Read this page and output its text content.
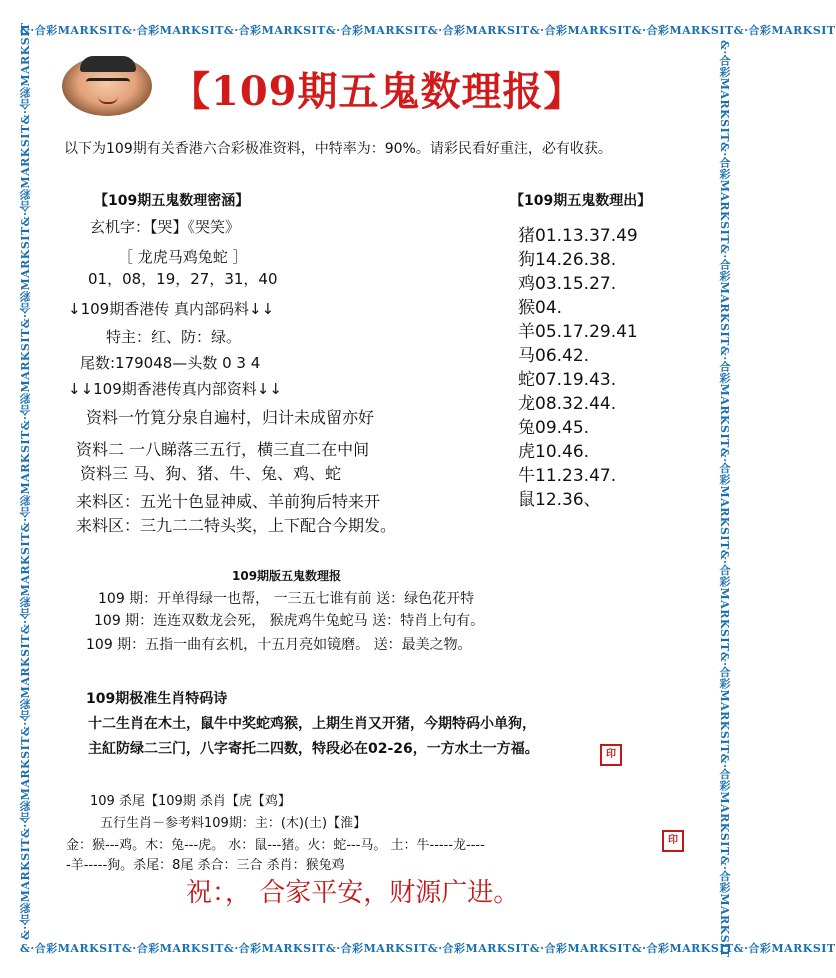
&·合彩MARKSIT&·合彩MARKSIT&·合彩MARKSIT&·合彩MARKSIT&·合彩MARKSIT&·合彩MARKSIT&·合彩MARKSIT&·合彩MARKSIT
&·合彩MARKSIT&·合彩MARKSIT&·合彩MARKSIT&·合彩MARKSIT&·合彩MARKSIT&·合彩MARKSIT&·合彩MARKSIT&·合彩MARKSIT
&·合彩MARKSIT&·合彩MARKSIT&·合彩MARKSIT&·合彩MARKSIT&·合彩MARKSIT&·合彩MARKSIT&·合彩MARKSIT&·合彩MARKSIT&·合彩MARKSIT	&·合彩MARKSIT&·合彩MARKSIT&·合彩MARKSIT&·合彩MARKSIT&·合彩MARKSIT&·合彩MARKSIT&·合彩MARKSIT&·合彩MARKSIT&·合彩MARKSIT
【109期五鬼数理报】
以下为109期有关香港六合彩极准资料，中特率为：90%。请彩民看好重注，必有收获。
【109期五鬼数理密涵】
玄机字：【哭】《哭笑》
［ 龙虎马鸡兔蛇 ］
01，08，19，27，31，40
↓109期香港传 真内部码料↓↓
特主：红、防：绿。
尾数:179048—头数 0 3 4
↓↓109期香港传真内部资料↓↓
资料一竹筧分泉自遍村，归计未成留亦好
资料二 一八睇落三五行，横三直二在中间
资料三 马、狗、猪、牛、兔、鸡、蛇
来料区：五光十色显神威、羊前狗后特来开
来料区：三九二二特头奖，上下配合今期发。
【109期五鬼数理出】
猪01.13.37.49
狗14.26.38.
鸡03.15.27.
猴04.
羊05.17.29.41
马06.42.
蛇07.19.43.
龙08.32.44.
兔09.45.
虎10.46.
牛11.23.47.
鼠12.36、
109期版五鬼数理报
109 期：开单得绿一也帮， 一三五七谁有前 送：绿色花开特
109 期：连连双数龙会死， 猴虎鸡牛兔蛇马 送：特肖上句有。
109 期：五指一曲有玄机，十五月亮如镜磨。 送：最美之物。
109期极准生肖特码诗
十二生肖在木土，鼠牛中奖蛇鸡猴，上期生肖又开猪，今期特码小单狗，
主紅防绿二三门，八字寄托二四数，特段必在02-26，一方水土一方福。	印
109 杀尾【109期 杀肖【虎【鸡】
五行生肖－参考料109期：主：(木)(土)【淮】
金：猴---鸡。木：兔---虎。 水：鼠---猪。火：蛇---马。 土：牛-----龙----
-羊-----狗。杀尾：8尾 杀合：三合 杀肖：猴兔鸡
印
祝：， 合家平安，财源广进。
